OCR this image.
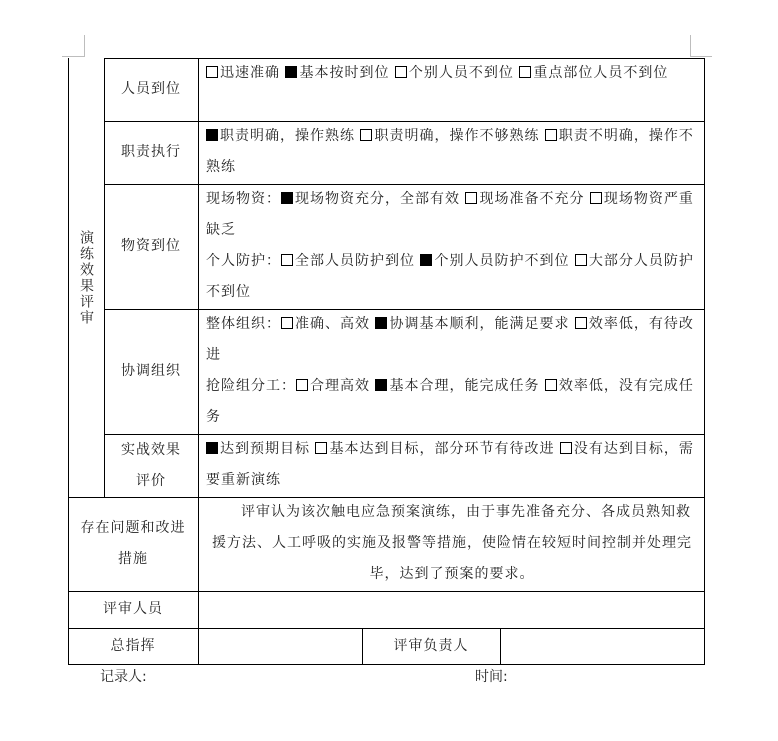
演练效果评审
人员到位
迅速准确 基本按时到位 个别人员不到位 重点部位人员不到位
职责执行
职责明确，操作熟练 职责明确，操作不够熟练 职责不明确，操作不熟练
物资到位
现场物资： 现场物资充分，全部有效 现场准备不充分 现场物资严重缺乏
个人防护： 全部人员防护到位 个别人员防护不到位 大部分人员防护不到位
协调组织
整体组织： 准确、高效 协调基本顺利，能满足要求 效率低，有待改进
抢险组分工： 合理高效 基本合理，能完成任务 效率低，没有完成任务
实战效果评价
达到预期目标 基本达到目标，部分环节有待改进 没有达到目标，需要重新演练
存在问题和改进措施
评审认为该次触电应急预案演练，由于事先准备充分、各成员熟知救援方法、人工呼吸的实施及报警等措施，使险情在较短时间控制并处理完毕，达到了预案的要求。
评审人员
总指挥	评审负责人
记录人:	时间:
